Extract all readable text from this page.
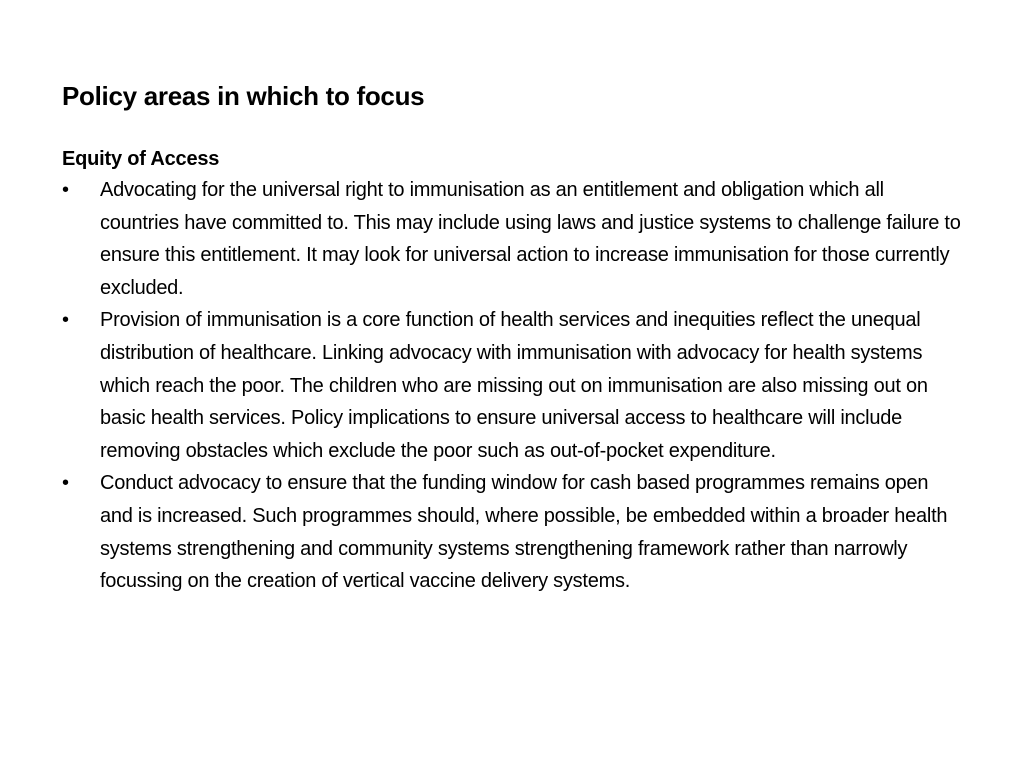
Policy areas in which to focus
Equity of Access
•	Advocating for the universal right to immunisation as an entitlement and obligation which all countries have committed to. This may include using laws and justice systems to challenge failure to ensure this entitlement. It may look for universal action to increase immunisation for those currently excluded.
•	Provision of immunisation is a core function of health services and inequities reflect the unequal distribution of healthcare. Linking advocacy with immunisation with advocacy for health systems which reach the poor. The children who are missing out on immunisation are also missing out on basic health services. Policy implications to ensure universal access to healthcare will include removing obstacles which exclude the poor such as out-of-pocket expenditure.
•	Conduct advocacy to ensure that the funding window for cash based programmes remains open and is increased. Such programmes should, where possible, be embedded within a broader health systems strengthening and community systems strengthening framework rather than narrowly focussing on the creation of vertical vaccine delivery systems.
